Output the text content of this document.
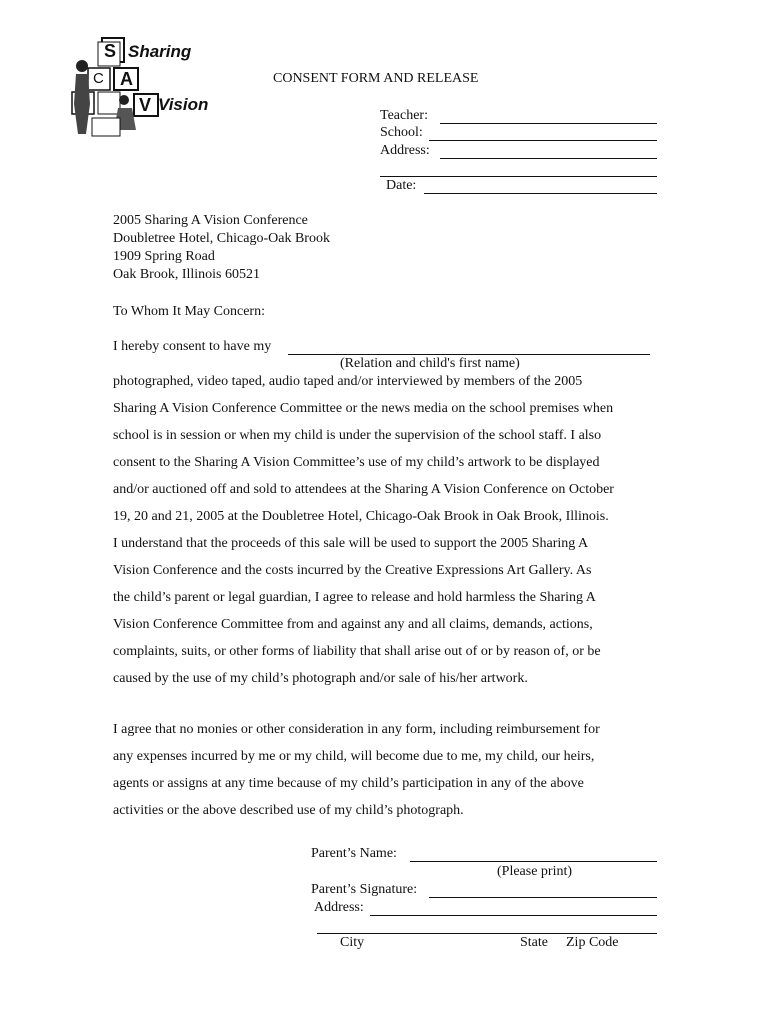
S Sharing
C A
V Vision
CONSENT FORM AND RELEASE
Teacher:
School:
Address:
Date:
2005 Sharing A Vision Conference
Doubletree Hotel, Chicago-Oak Brook
1909 Spring Road
Oak Brook, Illinois 60521
To Whom It May Concern:
I hereby consent to have my
(Relation and child's first name)
photographed, video taped, audio taped and/or interviewed by members of the 2005
Sharing A Vision Conference Committee or the news media on the school premises when
school is in session or when my child is under the supervision of the school staff. I also
consent to the Sharing A Vision Committee’s use of my child’s artwork to be displayed
and/or auctioned off and sold to attendees at the Sharing A Vision Conference on October
19, 20 and 21, 2005 at the Doubletree Hotel, Chicago-Oak Brook in Oak Brook, Illinois.
I understand that the proceeds of this sale will be used to support the 2005 Sharing A
Vision Conference and the costs incurred by the Creative Expressions Art Gallery. As
the child’s parent or legal guardian, I agree to release and hold harmless the Sharing A
Vision Conference Committee from and against any and all claims, demands, actions,
complaints, suits, or other forms of liability that shall arise out of or by reason of, or be
caused by the use of my child’s photograph and/or sale of his/her artwork.
I agree that no monies or other consideration in any form, including reimbursement for
any expenses incurred by me or my child, will become due to me, my child, our heirs,
agents or assigns at any time because of my child’s participation in any of the above
activities or the above described use of my child’s photograph.
Parent’s Name:
(Please print)
Parent’s Signature:
Address:
City	State Zip Code
